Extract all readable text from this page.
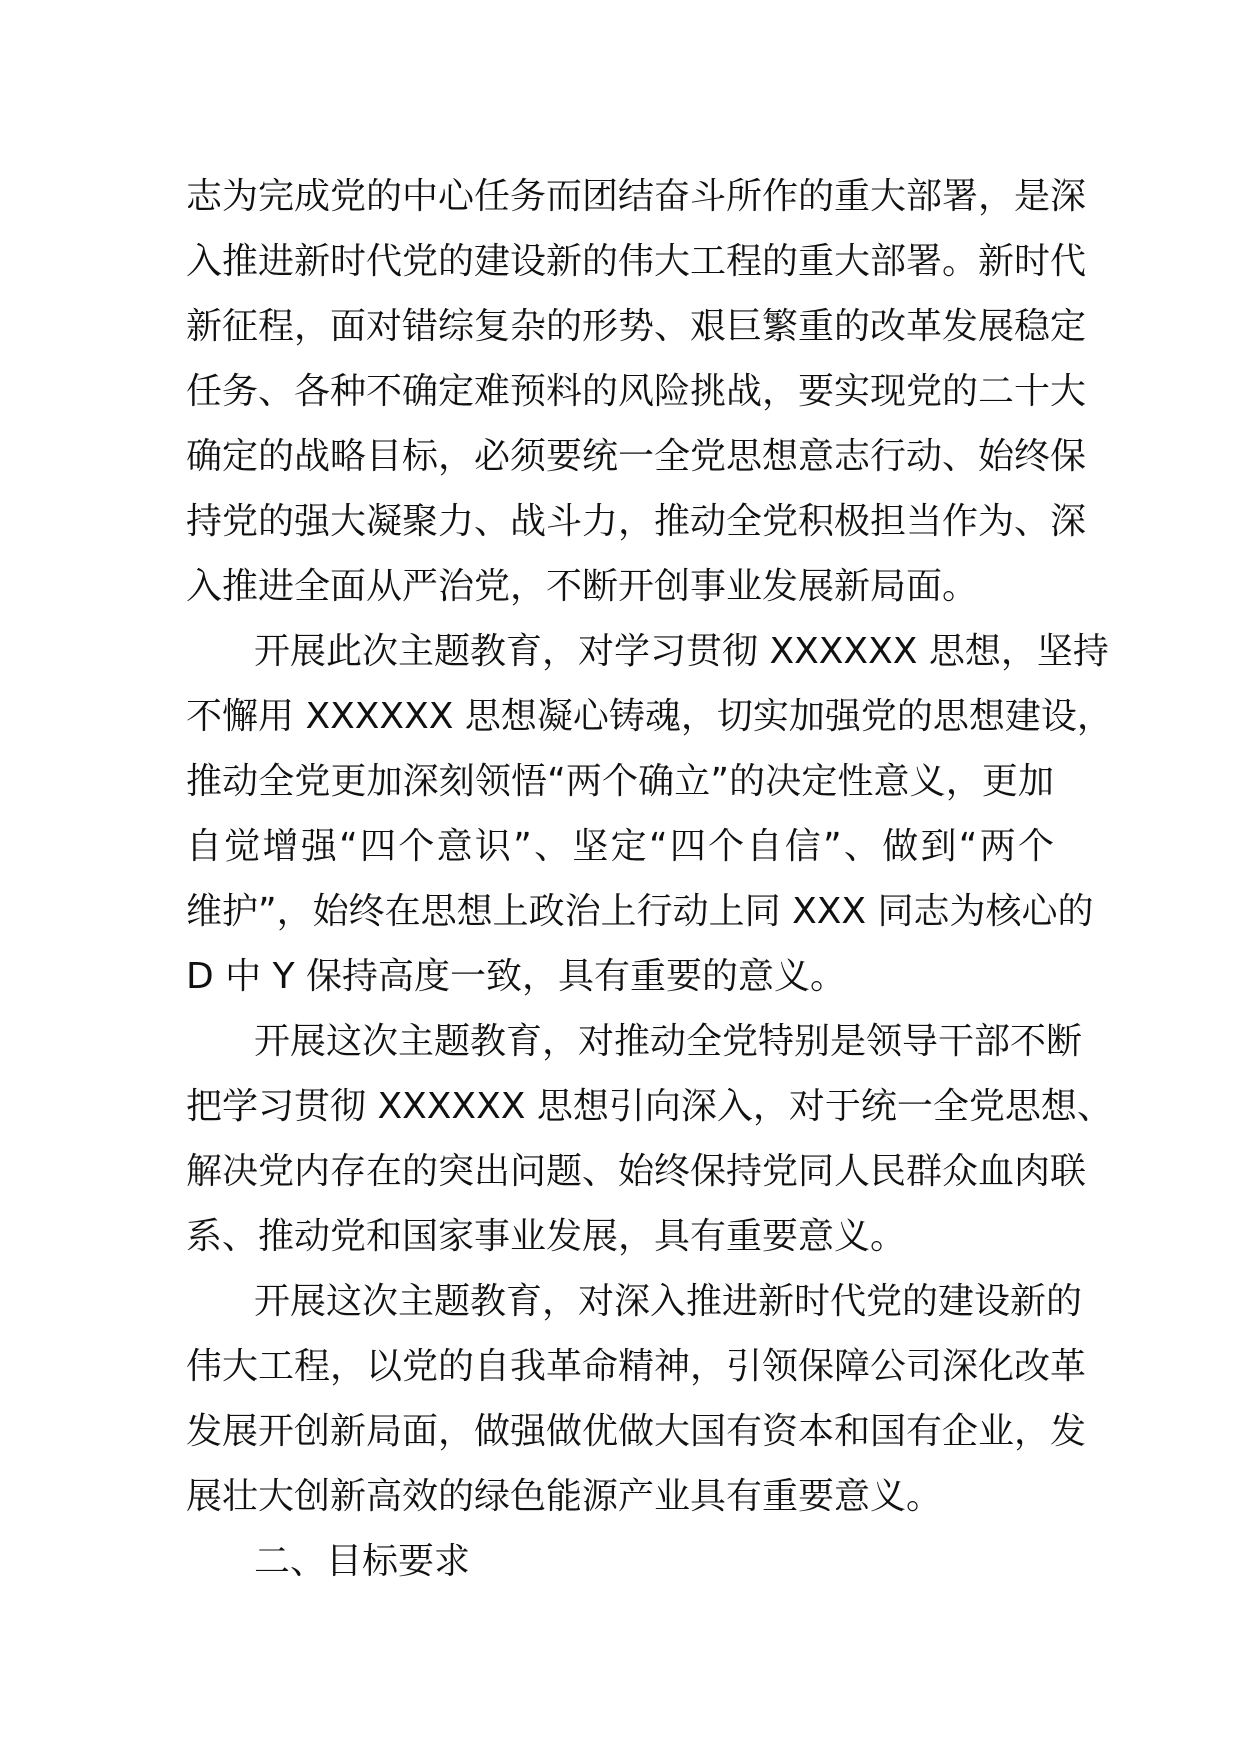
志为完成党的中心任务而团结奋斗所作的重大部署，是深
入推进新时代党的建设新的伟大工程的重大部署。新时代
新征程，面对错综复杂的形势、艰巨繁重的改革发展稳定
任务、各种不确定难预料的风险挑战，要实现党的二十大
确定的战略目标，必须要统一全党思想意志行动、始终保
持党的强大凝聚力、战斗力，推动全党积极担当作为、深
入推进全面从严治党，不断开创事业发展新局面。
开展此次主题教育，对学习贯彻 XXXXXX 思想，坚持
不懈用 XXXXXX 思想凝心铸魂，切实加强党的思想建设，
推动全党更加深刻领悟“两个确立”的决定性意义，更加
自觉增强“四个意识”、坚定“四个自信”、做到“两个
维护”，始终在思想上政治上行动上同 XXX 同志为核心的
D 中 Y 保持高度一致，具有重要的意义。
开展这次主题教育，对推动全党特别是领导干部不断
把学习贯彻 XXXXXX 思想引向深入，对于统一全党思想、
解决党内存在的突出问题、始终保持党同人民群众血肉联
系、推动党和国家事业发展，具有重要意义。
开展这次主题教育，对深入推进新时代党的建设新的
伟大工程，以党的自我革命精神，引领保障公司深化改革
发展开创新局面，做强做优做大国有资本和国有企业，发
展壮大创新高效的绿色能源产业具有重要意义。
二、目标要求
